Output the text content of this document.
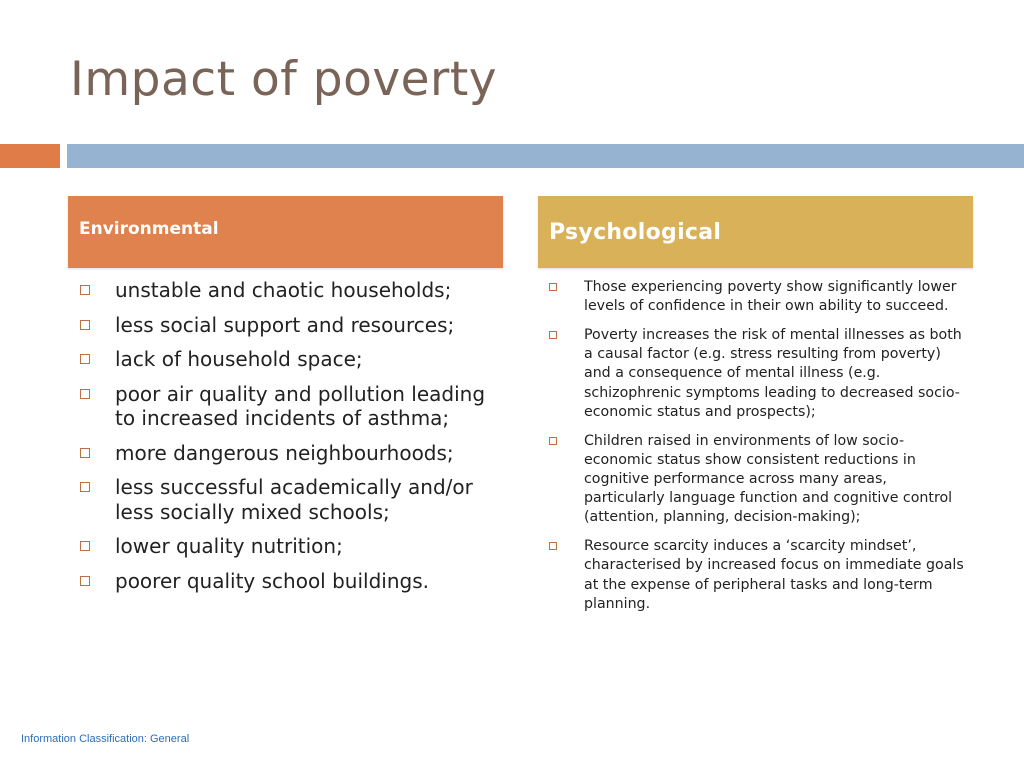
Impact of poverty
Environmental	Psychological
unstable and chaotic households;
less social support and resources;
lack of household space;
poor air quality and pollution leading to increased incidents of asthma;
more dangerous neighbourhoods;
less successful academically and/or less socially mixed schools;
lower quality nutrition;
poorer quality school buildings.
Those experiencing poverty show significantly lower levels of confidence in their own ability to succeed.
Poverty increases the risk of mental illnesses as both a causal factor (e.g. stress resulting from poverty) and a consequence of mental illness (e.g. schizophrenic symptoms leading to decreased socio-economic status and prospects);
Children raised in environments of low socio-economic status show consistent reductions in cognitive performance across many areas, particularly language function and cognitive control (attention, planning, decision-making);
Resource scarcity induces a ‘scarcity mindset’, characterised by increased focus on immediate goals at the expense of peripheral tasks and long-term planning.
Information Classification: General
